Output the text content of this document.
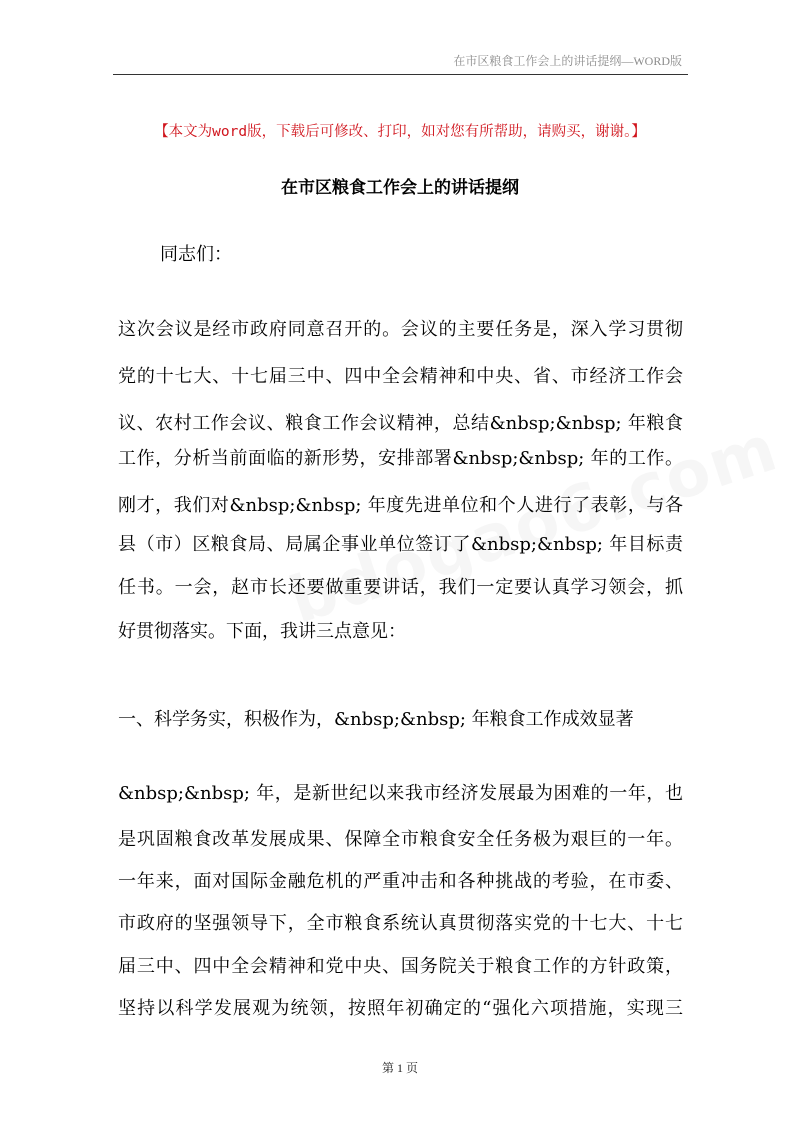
在市区粮食工作会上的讲话提纲—WORD版
【本文为word版，下载后可修改、打印，如对您有所帮助，请购买，谢谢。】
在市区粮食工作会上的讲话提纲
同志们：
这次会议是经市政府同意召开的。会议的主要任务是，深入学习贯彻
党的十七大、十七届三中、四中全会精神和中央、省、市经济工作会
议、农村工作会议、粮食工作会议精神，总结&nbsp;&nbsp; 年粮食
工作，分析当前面临的新形势，安排部署&nbsp;&nbsp; 年的工作。
刚才，我们对&nbsp;&nbsp; 年度先进单位和个人进行了表彰，与各
县（市）区粮食局、局属企事业单位签订了&nbsp;&nbsp; 年目标责
任书。一会，赵市长还要做重要讲话，我们一定要认真学习领会，抓
好贯彻落实。下面，我讲三点意见：
一、科学务实，积极作为，&nbsp;&nbsp; 年粮食工作成效显著
&nbsp;&nbsp; 年，是新世纪以来我市经济发展最为困难的一年，也
是巩固粮食改革发展成果、保障全市粮食安全任务极为艰巨的一年。
一年来，面对国际金融危机的严重冲击和各种挑战的考验，在市委、
市政府的坚强领导下，全市粮食系统认真贯彻落实党的十七大、十七
届三中、四中全会精神和党中央、国务院关于粮食工作的方针政策，
坚持以科学发展观为统领，按照年初确定的“强化六项措施，实现三
第 1 页
